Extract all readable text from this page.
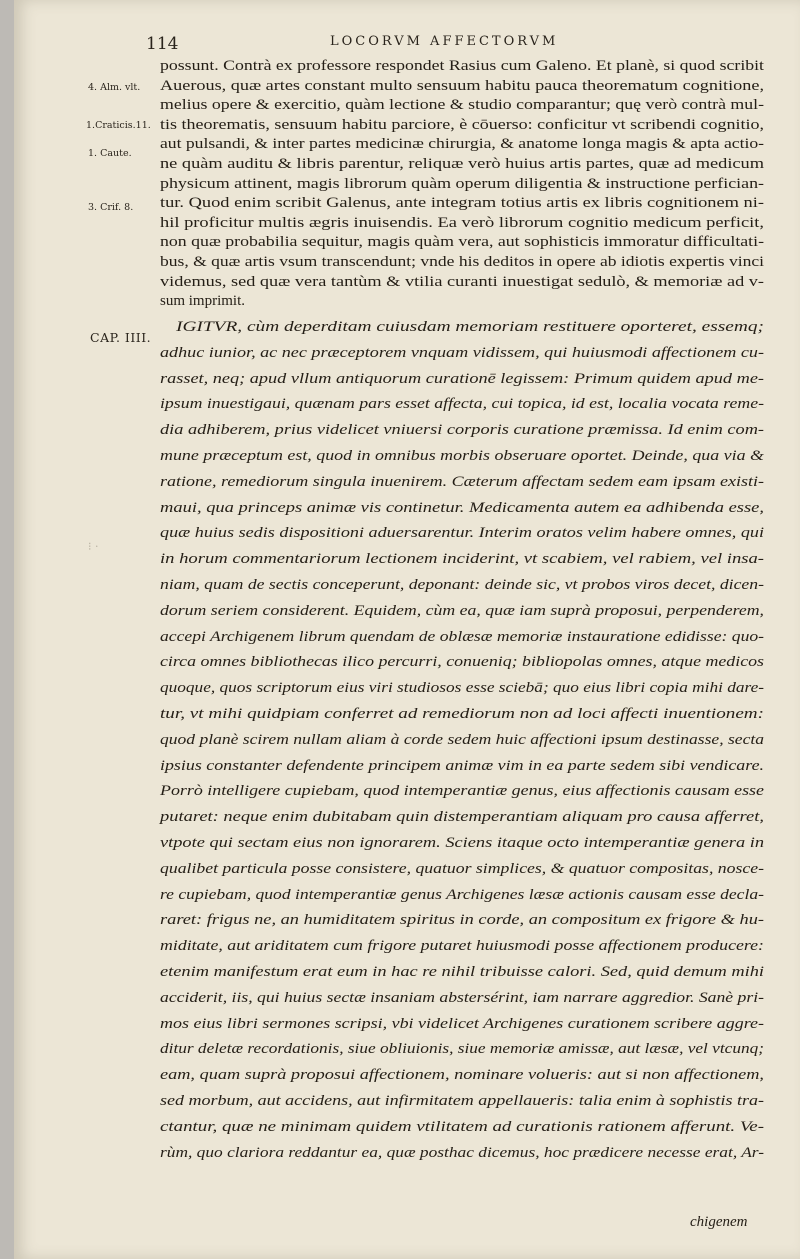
114	LOCORVM AFFECTORVM
4. Alm. vlt.
1.Craticis.11.
1. Caute.
3. Crif. 8.
CAP. IIII.
⁝ ·
possunt. Contrà ex professore respondet Rasius cum Galeno. Et planè, si quod scribit
Auerous, quæ artes constant multo sensuum habitu pauca theorematum cognitione,
melius opere & exercitio, quàm lectione & studio comparantur; quę verò contrà mul-
tis theorematis, sensuum habitu parciore, è cōuerso: conficitur vt scribendi cognitio,
aut pulsandi, & inter partes medicinæ chirurgia, & anatome longa magis & apta actio-
ne quàm auditu & libris parentur, reliquæ verò huius artis partes, quæ ad medicum
physicum attinent, magis librorum quàm operum diligentia & instructione perfician-
tur. Quod enim scribit Galenus, ante integram totius artis ex libris cognitionem ni-
hil proficitur multis ægris inuisendis. Ea verò librorum cognitio medicum perficit,
non quæ probabilia sequitur, magis quàm vera, aut sophisticis immoratur difficultati-
bus, & quæ artis vsum transcendunt; vnde his deditos in opere ab idiotis expertis vinci
videmus, sed quæ vera tantùm & vtilia curanti inuestigat sedulò, & memoriæ ad v-
sum imprimit.
IGITVR, cùm deperditam cuiusdam memoriam restituere oporteret, essemq;
adhuc iunior, ac nec præceptorem vnquam vidissem, qui huiusmodi affectionem cu-
rasset, neq; apud vllum antiquorum curationē legissem: Primum quidem apud me-
ipsum inuestigaui, quænam pars esset affecta, cui topica, id est, localia vocata reme-
dia adhiberem, prius videlicet vniuersi corporis curatione præmissa. Id enim com-
mune præceptum est, quod in omnibus morbis obseruare oportet. Deinde, qua via &
ratione, remediorum singula inuenirem. Cæterum affectam sedem eam ipsam existi-
maui, qua princeps animæ vis continetur. Medicamenta autem ea adhibenda esse,
quæ huius sedis dispositioni aduersarentur. Interim oratos velim habere omnes, qui
in horum commentariorum lectionem inciderint, vt scabiem, vel rabiem, vel insa-
niam, quam de sectis conceperunt, deponant: deinde sic, vt probos viros decet, dicen-
dorum seriem considerent. Equidem, cùm ea, quæ iam suprà proposui, perpenderem,
accepi Archigenem librum quendam de oblæsæ memoriæ instauratione edidisse: quo-
circa omnes bibliothecas ilico percurri, conueniq; bibliopolas omnes, atque medicos
quoque, quos scriptorum eius viri studiosos esse sciebā; quo eius libri copia mihi dare-
tur, vt mihi quidpiam conferret ad remediorum non ad loci affecti inuentionem:
quod planè scirem nullam aliam à corde sedem huic affectioni ipsum destinasse, secta
ipsius constanter defendente principem animæ vim in ea parte sedem sibi vendicare.
Porrò intelligere cupiebam, quod intemperantiæ genus, eius affectionis causam esse
putaret: neque enim dubitabam quin distemperantiam aliquam pro causa afferret,
vtpote qui sectam eius non ignorarem. Sciens itaque octo intemperantiæ genera in
qualibet particula posse consistere, quatuor simplices, & quatuor compositas, nosce-
re cupiebam, quod intemperantiæ genus Archigenes læsæ actionis causam esse decla-
raret: frigus ne, an humiditatem spiritus in corde, an compositum ex frigore & hu-
miditate, aut ariditatem cum frigore putaret huiusmodi posse affectionem producere:
etenim manifestum erat eum in hac re nihil tribuisse calori. Sed, quid demum mihi
acciderit, iis, qui huius sectæ insaniam abstersérint, iam narrare aggredior. Sanè pri-
mos eius libri sermones scripsi, vbi videlicet Archigenes curationem scribere aggre-
ditur deletæ recordationis, siue obliuionis, siue memoriæ amissæ, aut læsæ, vel vtcunq;
eam, quam suprà proposui affectionem, nominare volueris: aut si non affectionem,
sed morbum, aut accidens, aut infirmitatem appellaueris: talia enim à sophistis tra-
ctantur, quæ ne minimam quidem vtilitatem ad curationis rationem afferunt. Ve-
rùm, quo clariora reddantur ea, quæ posthac dicemus, hoc prædicere necesse erat, Ar-
chigenem
